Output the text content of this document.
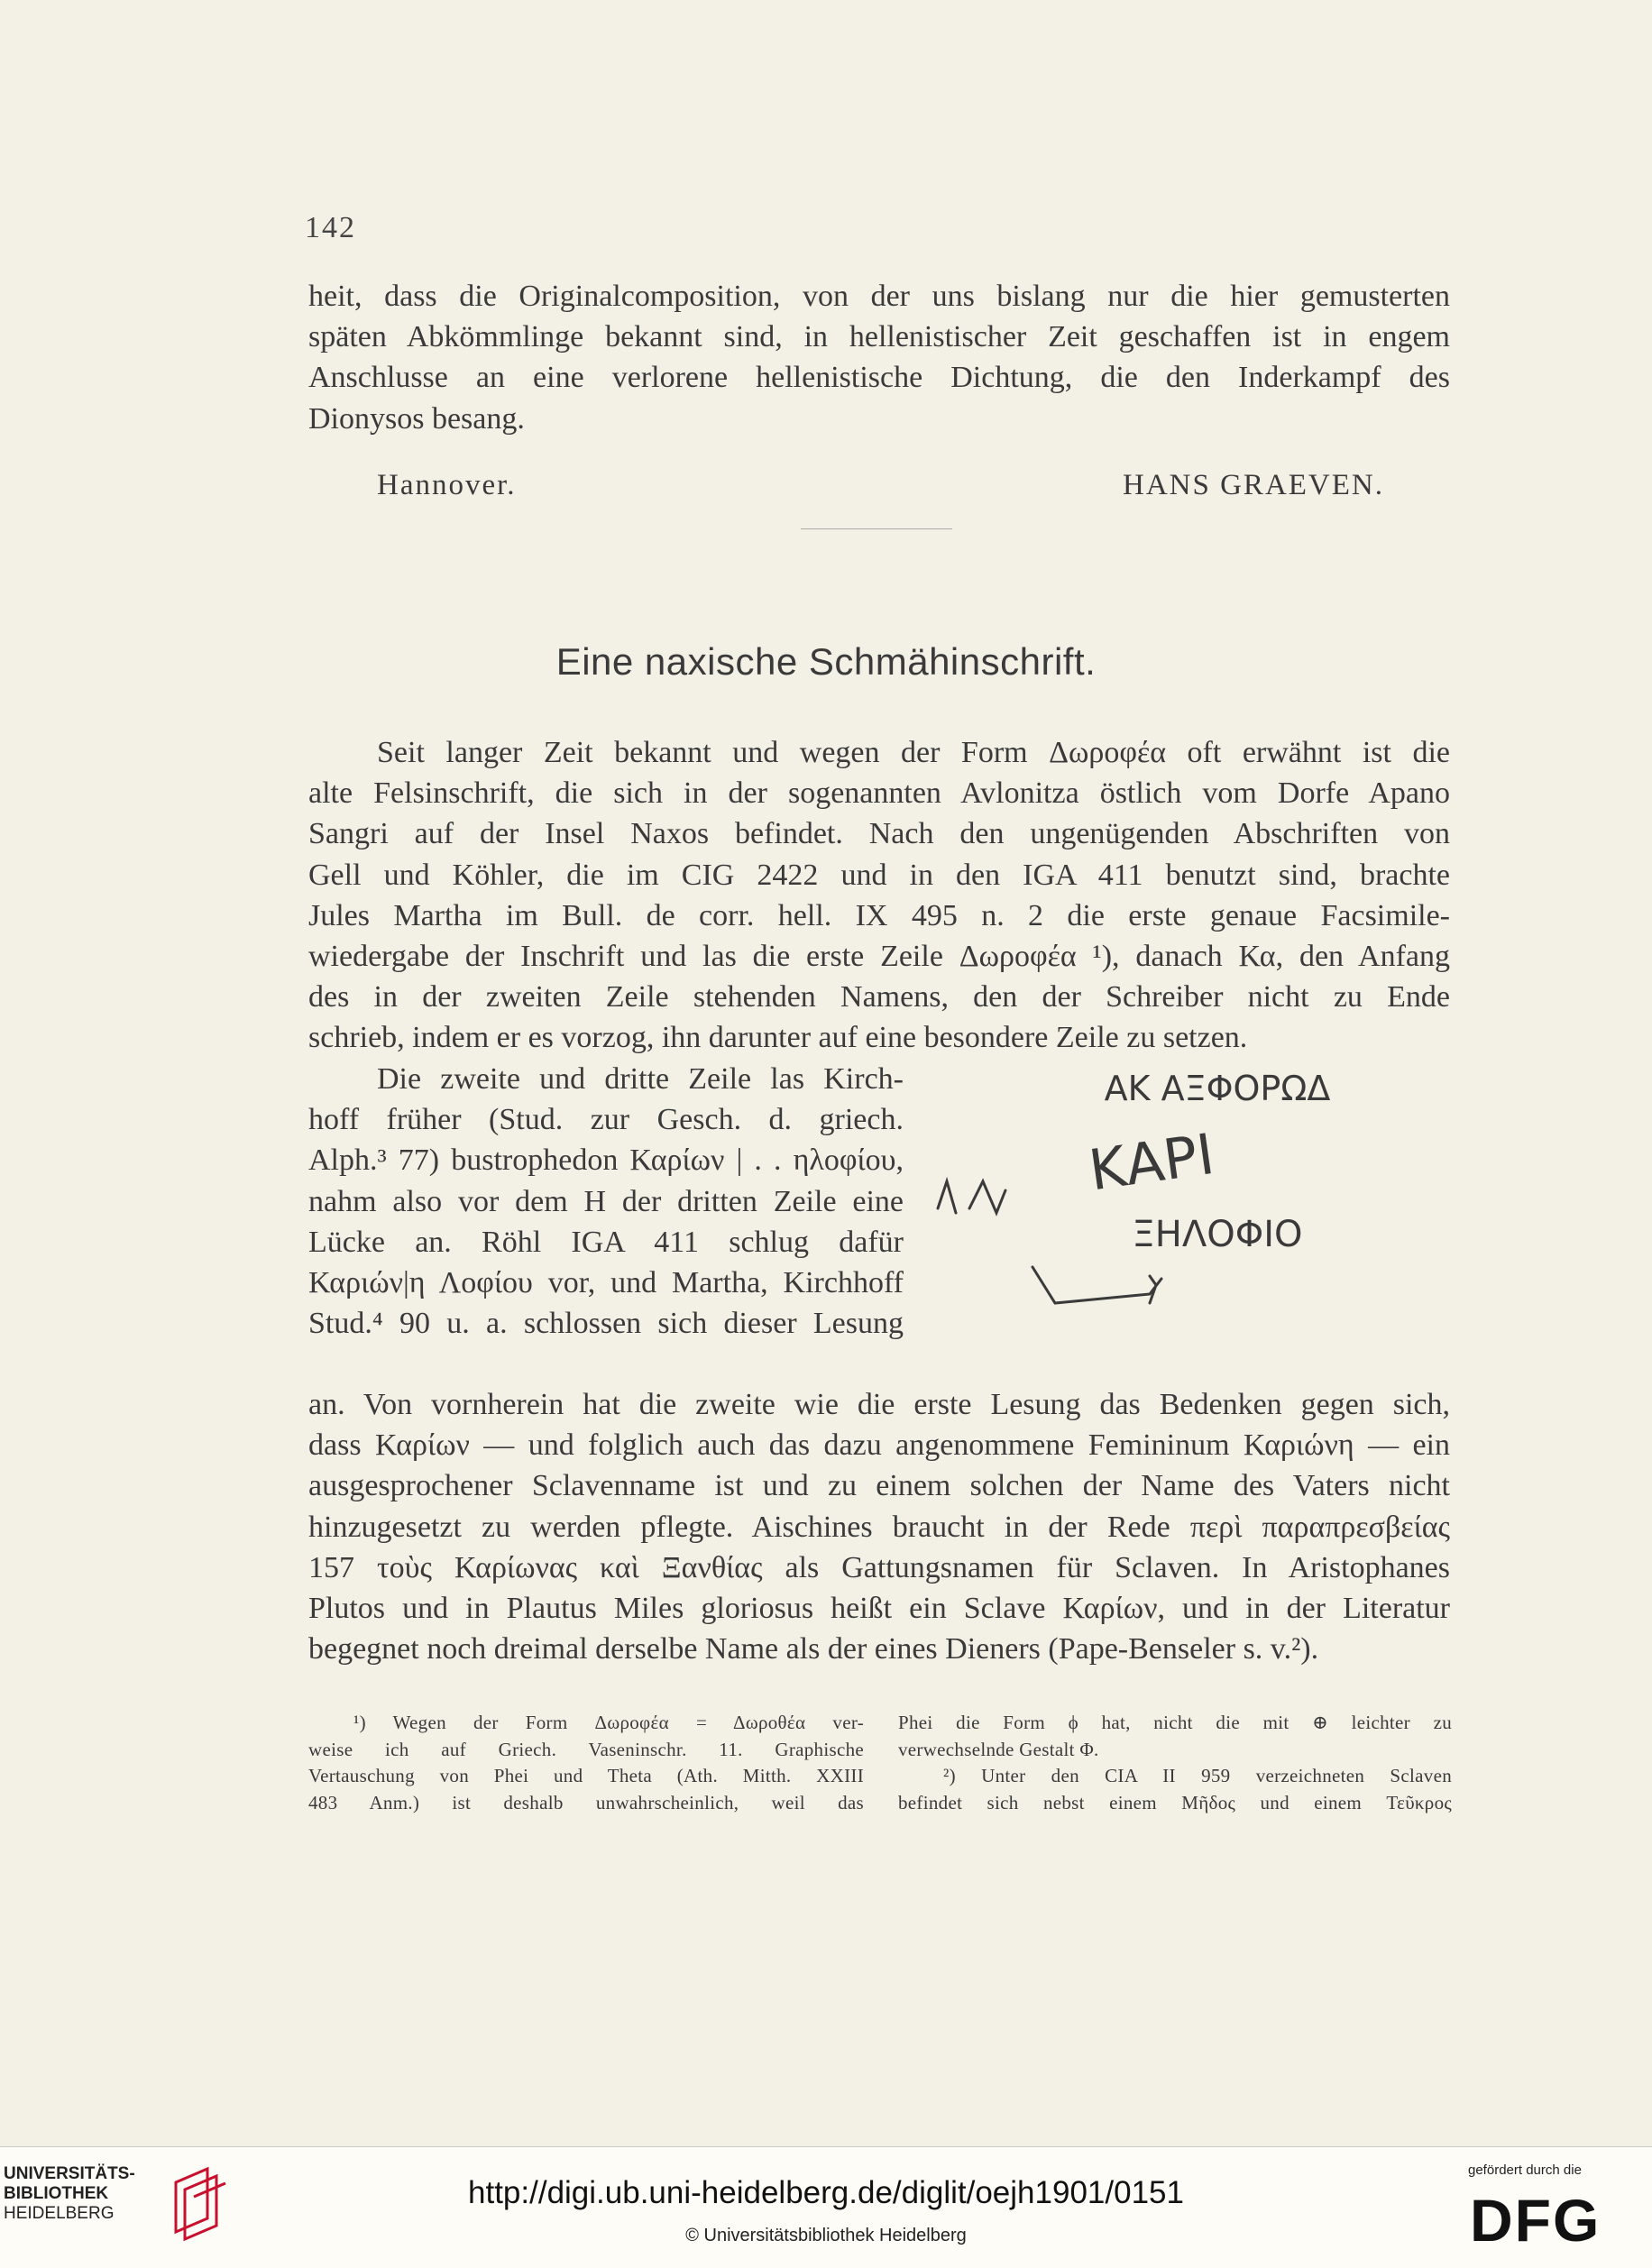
142
heit, dass die Originalcomposition, von der uns bislang nur die hier gemusterten
späten Abkömmlinge bekannt sind, in hellenistischer Zeit geschaffen ist in engem
Anschlusse an eine verlorene hellenistische Dichtung, die den Inderkampf des
Dionysos besang.
Hannover.	HANS GRAEVEN.
Eine naxische Schmähinschrift.
Seit langer Zeit bekannt und wegen der Form Δωροφέα oft erwähnt ist die
alte Felsinschrift, die sich in der sogenannten Avlonitza östlich vom Dorfe Apano
Sangri auf der Insel Naxos befindet. Nach den ungenügenden Abschriften von
Gell und Köhler, die im CIG 2422 und in den IGA 411 benutzt sind, brachte
Jules Martha im Bull. de corr. hell. IX 495 n. 2 die erste genaue Facsimile-
wiedergabe der Inschrift und las die erste Zeile Δωροφέα ¹), danach Κα, den Anfang
des in der zweiten Zeile stehenden Namens, den der Schreiber nicht zu Ende
schrieb, indem er es vorzog, ihn darunter auf eine besondere Zeile zu setzen.
Die zweite und dritte Zeile las Kirch-
hoff früher (Stud. zur Gesch. d. griech.
Alph.³ 77) bustrophedon Καρίων | . . ηλοφίου,
nahm also vor dem H der dritten Zeile eine
Lücke an. Röhl IGA 411 schlug dafür
Καριών|η Λοφίου vor, und Martha, Kirchhoff
Stud.⁴ 90 u. a. schlossen sich dieser Lesung
ΑΚ ΑΞΦΟΡΩΔ
ΚΑΡΙ
ΞΗΛΟΦΙΟ
an. Von vornherein hat die zweite wie die erste Lesung das Bedenken gegen sich,
dass Καρίων — und folglich auch das dazu angenommene Femininum Καριώνη — ein
ausgesprochener Sclavenname ist und zu einem solchen der Name des Vaters nicht
hinzugesetzt zu werden pflegte. Aischines braucht in der Rede περὶ παραπρεσβείας
157 τοὺς Καρίωνας καὶ Ξανθίας als Gattungsnamen für Sclaven. In Aristophanes
Plutos und in Plautus Miles gloriosus heißt ein Sclave Καρίων, und in der Literatur
begegnet noch dreimal derselbe Name als der eines Dieners (Pape-Benseler s. v.²).
¹) Wegen der Form Δωροφέα = Δωροθέα ver-
weise ich auf Griech. Vaseninschr. 11. Graphische
Vertauschung von Phei und Theta (Ath. Mitth. XXIII
483 Anm.) ist deshalb unwahrscheinlich, weil das
Phei die Form ϕ hat, nicht die mit ⊕ leichter zu
verwechselnde Gestalt Φ.
²) Unter den CIA II 959 verzeichneten Sclaven
befindet sich nebst einem Μῆδος und einem Τεῦκρος
UNIVERSITÄTS-
BIBLIOTHEK
HEIDELBERG
http://digi.ub.uni-heidelberg.de/diglit/oejh1901/0151
© Universitätsbibliothek Heidelberg
gefördert durch die
DFG
